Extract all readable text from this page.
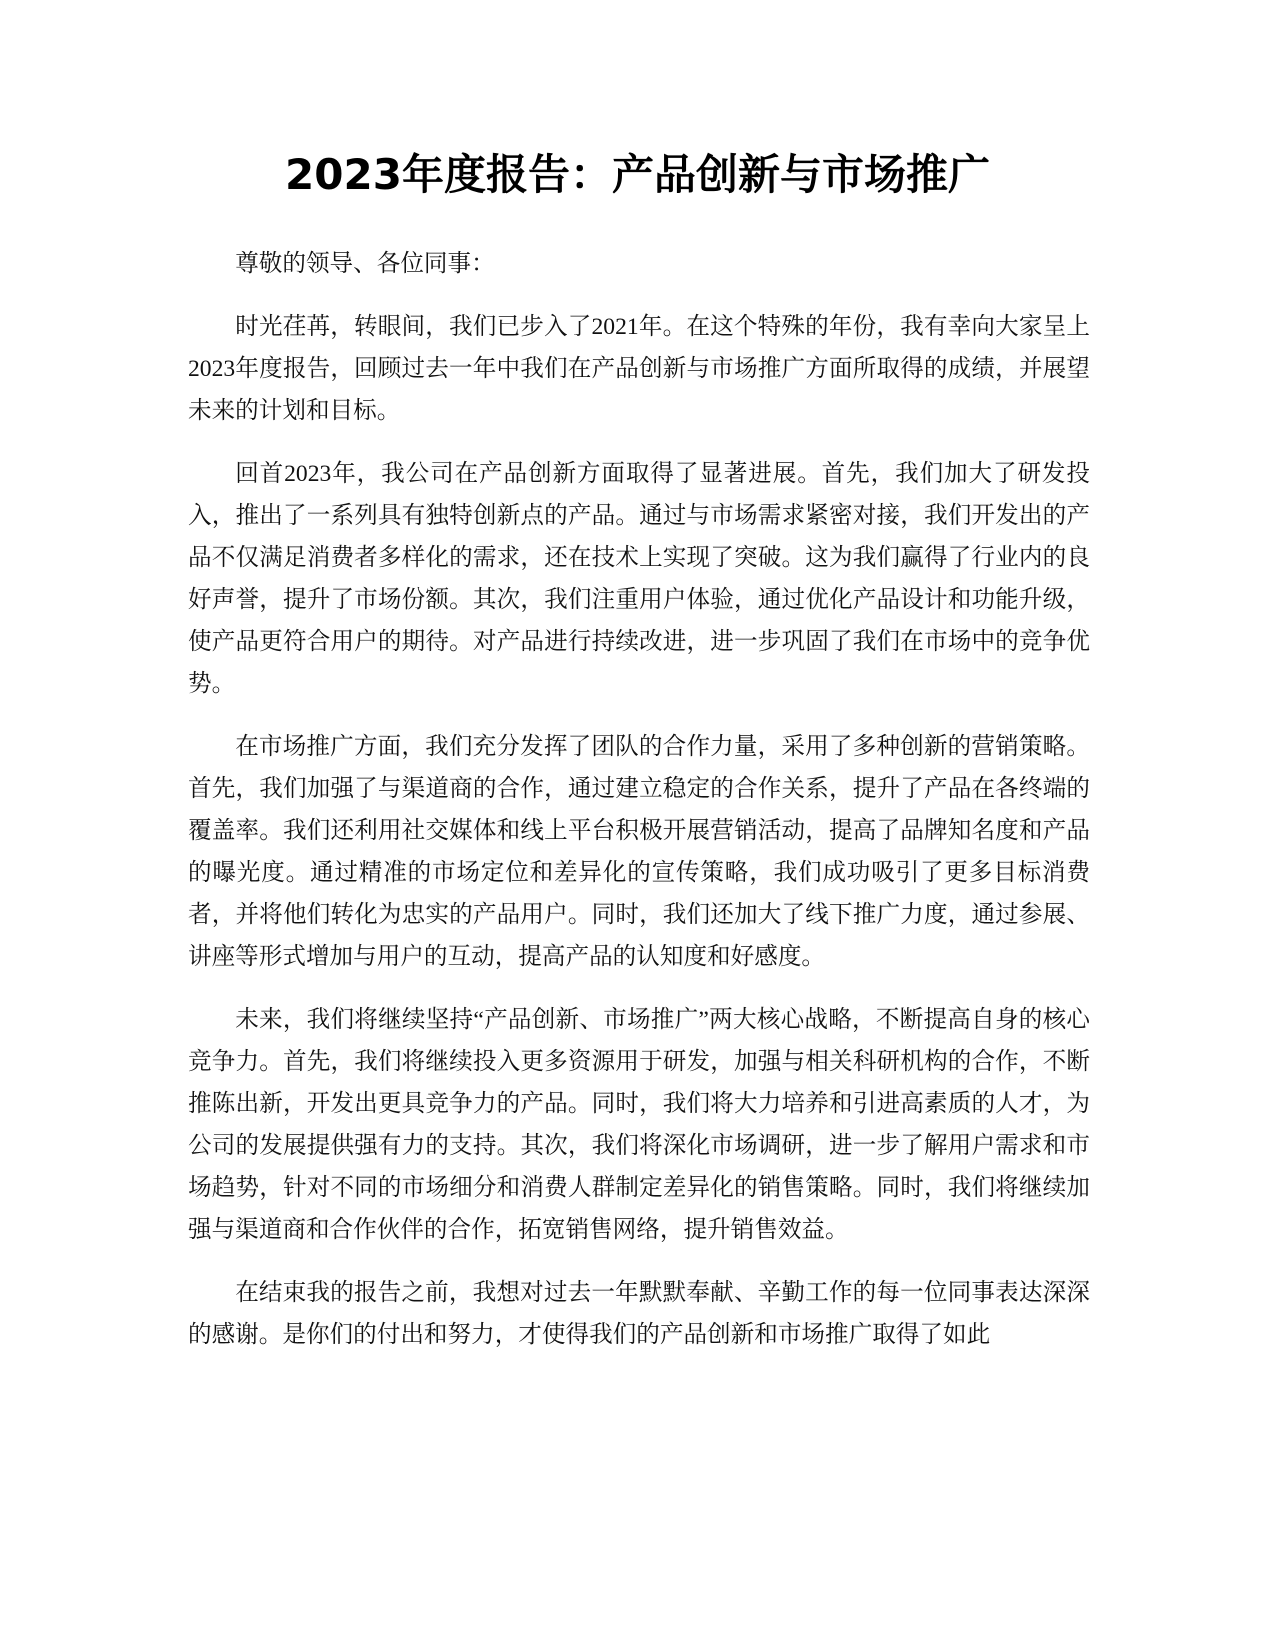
2023年度报告：产品创新与市场推广

尊敬的领导、各位同事：

时光荏苒，转眼间，我们已步入了2021年。在这个特殊的年份，我有幸向大家呈上2023年度报告，回顾过去一年中我们在产品创新与市场推广方面所取得的成绩，并展望未来的计划和目标。

回首2023年，我公司在产品创新方面取得了显著进展。首先，我们加大了研发投入，推出了一系列具有独特创新点的产品。通过与市场需求紧密对接，我们开发出的产品不仅满足消费者多样化的需求，还在技术上实现了突破。这为我们赢得了行业内的良好声誉，提升了市场份额。其次，我们注重用户体验，通过优化产品设计和功能升级，使产品更符合用户的期待。对产品进行持续改进，进一步巩固了我们在市场中的竞争优势。

在市场推广方面，我们充分发挥了团队的合作力量，采用了多种创新的营销策略。首先，我们加强了与渠道商的合作，通过建立稳定的合作关系，提升了产品在各终端的覆盖率。我们还利用社交媒体和线上平台积极开展营销活动，提高了品牌知名度和产品的曝光度。通过精准的市场定位和差异化的宣传策略，我们成功吸引了更多目标消费者，并将他们转化为忠实的产品用户。同时，我们还加大了线下推广力度，通过参展、讲座等形式增加与用户的互动，提高产品的认知度和好感度。

未来，我们将继续坚持“产品创新、市场推广”两大核心战略，不断提高自身的核心竞争力。首先，我们将继续投入更多资源用于研发，加强与相关科研机构的合作，不断推陈出新，开发出更具竞争力的产品。同时，我们将大力培养和引进高素质的人才，为公司的发展提供强有力的支持。其次，我们将深化市场调研，进一步了解用户需求和市场趋势，针对不同的市场细分和消费人群制定差异化的销售策略。同时，我们将继续加强与渠道商和合作伙伴的合作，拓宽销售网络，提升销售效益。

在结束我的报告之前，我想对过去一年默默奉献、辛勤工作的每一位同事表达深深的感谢。是你们的付出和努力，才使得我们的产品创新和市场推广取得了如此
